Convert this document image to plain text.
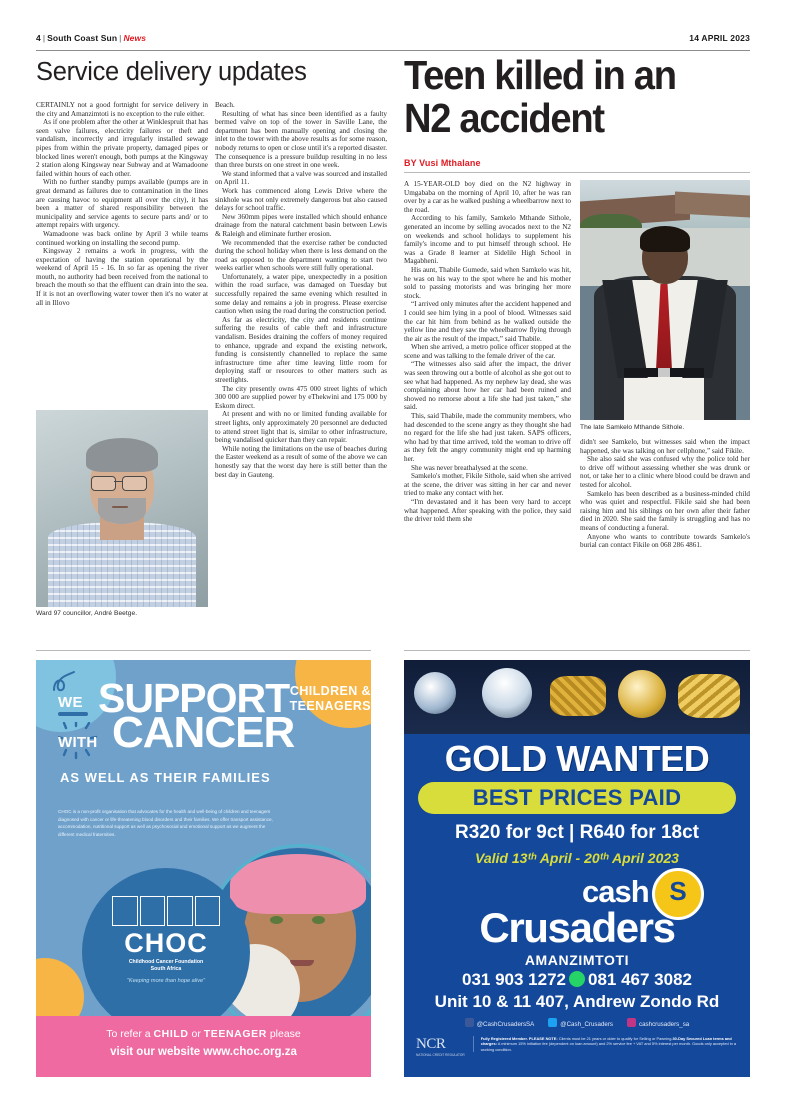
4 | South Coast Sun | News	14 APRIL 2023
Service delivery updates	Teen killed in an
N2 accident
BY Vusi Mthalane

CERTAINLY not a good fortnight for service delivery in the city and Amanzimtoti is no exception to the rule either.

As if one problem after the other at Winklespruit that has seen valve failures, electricity failures or theft and vandalism, incorrectly and irregularly installed sewage pipes from within the private property, damaged pipes or blocked lines weren't enough, both pumps at the Kingsway 2 station along Kingsway near Subway and at Wamadoone failed within hours of each other.

With no further standby pumps available (pumps are in great demand as failures due to contamination in the lines are causing havoc to equipment all over the city), it has been a matter of shared responsibility between the municipality and service agents to secure parts and/ or to attempt repairs with urgency.

Wamadoone was back online by April 3 while teams continued working on installing the second pump.

Kingsway 2 remains a work in progress, with the expectation of having the station operational by the weekend of April 15 - 16. In so far as opening the river mouth, no authority had been received from the national to breach the mouth so that the effluent can drain into the sea. If it is not an overflowing water tower then it's no water at all in Illovo

Beach.

Resulting of what has since been identified as a faulty bermed valve on top of the tower in Saville Lane, the department has been manually opening and closing the inlet to the tower with the above results as for some reason, nobody returns to open or close until it's a reported disaster. The consequence is a pressure buildup resulting in no less than three bursts on one street in one week.

We stand informed that a valve was sourced and installed on April 11.

Work has commenced along Lewis Drive where the sinkhole was not only extremely dangerous but also caused delays for school traffic.

New 360mm pipes were installed which should enhance drainage from the natural catchment basin between Lewis & Raleigh and eliminate further erosion.

We recommended that the exercise rather be conducted during the school holiday when there is less demand on the road as opposed to the department wanting to start two weeks earlier when schools were still fully operational.

Unfortunately, a water pipe, unexpectedly in a position within the road surface, was damaged on Tuesday but successfully repaired the same evening which resulted in some delay and remains a job in progress. Please exercise caution when using the road during the construction period.

As far as electricity, the city and residents continue suffering the results of cable theft and infrastructure vandalism. Besides draining the coffers of money required to enhance, upgrade and expand the existing network, funding is consistently channelled to replace the same infrastructure time after time leaving little room for deploying staff or resources to other matters such as streetlights.

The city presently owns 475 000 street lights of which 300 000 are supplied power by eThekwini and 175 000 by Eskom direct.

At present and with no or limited funding available for street lights, only approximately 20 personnel are deducted to attend street light that is, similar to other infrastructure, being vandalised quicker than they can repair.

While noting the limitations on the use of beaches during the Easter weekend as a result of some of the above we can honestly say that the worst day here is still better than the best day in Gauteng.

A 15-YEAR-OLD boy died on the N2 highway in Umgababa on the morning of April 10, after he was ran over by a car as he walked pushing a wheelbarrow next to the road.

According to his family, Samkelo Mthande Sithole, generated an income by selling avocados next to the N2 on weekends and school holidays to supplement his family's income and to put himself through school. He was a Grade 8 learner at Sidelile High School in Magabheni.

His aunt, Thabile Gumede, said when Samkelo was hit, he was on his way to the spot where he and his mother sold to passing motorists and was bringing her more stock.

“I arrived only minutes after the accident happened and I could see him lying in a pool of blood. Witnesses said the car hit him from behind as he walked outside the yellow line and they saw the wheelbarrow flying through the air as the result of the impact,” said Thabile.

When she arrived, a metro police officer stopped at the scene and was talking to the female driver of the car.

“The witnesses also said after the impact, the driver was seen throwing out a bottle of alcohol as she got out to see what had happened. As my nephew lay dead, she was complaining about how her car had been ruined and showed no remorse about a life she had just taken,” she said.

This, said Thabile, made the community members, who had descended to the scene angry as they thought she had no regard for the life she had just taken. SAPS officers, who had by that time arrived, told the woman to drive off as they felt the angry community might end up harming her.

She was never breathalysed at the scene.

Samkelo's mother, Fikile Sithole, said when she arrived at the scene, the driver was sitting in her car and never tried to make any contact with her.

“I'm devastated and it has been very hard to accept what happened. After speaking with the police, they said the driver told them she

didn't see Samkelo, but witnesses said when the impact happened, she was talking on her cellphone,” said Fikile.

She also said she was confused why the police told her to drive off without assessing whether she was drunk or not, or take her to a clinic where blood could be drawn and tested for alcohol.

Samkelo has been described as a business-minded child who was quiet and respectful. Fikile said she had been raising him and his siblings on her own after their father died in 2020. She said the family is struggling and has no means of conducting a funeral.

Anyone who wants to contribute towards Samkelo's burial can contact Fikile on 068 286 4861.

Ward 97 councillor, André Beetge.
The late Samkelo Mthande Sithole.
WE SUPPORT CHILDREN &
TEENAGERS
WITH CANCER
AS WELL AS THEIR FAMILIES
CHOC is a non-profit organisation that advocates for the health and well-being of children and teenagers diagnosed with cancer or life-threatening blood disorders and their families. We offer transport assistance, accommodation, nutritional support as well as psychosocial and emotional support as we augment the different medical fraternities.
CHOC
Childhood Cancer Foundation
South Africa
“Keeping more than hope alive”
To refer a CHILD or TEENAGER please
visit our website www.choc.org.za
GOLD WANTED
BEST PRICES PAID
R320 for 9ct | R640 for 18ct
Valid 13ᵗʰ April - 20ᵗʰ April 2023
cash S
Crusaders
AMANZIMTOTI
031 903 1272 081 467 3082
Unit 10 & 11 407, Andrew Zondo Rd
@CashCrusadersSA	@Cash_Crusaders	cashcrusaders_sa
NCR
NATIONAL CREDIT REGULATOR
Fully Registered Member. PLEASE NOTE: Clients must be 21 years or older to qualify for Selling or Pawning.30-Day Secured Loan terms and charges: A minimum 15% initiation fee (dependent on loan amount) and 2% service fee + VAT and 5% interest per month. Goods only accepted in a working condition.
